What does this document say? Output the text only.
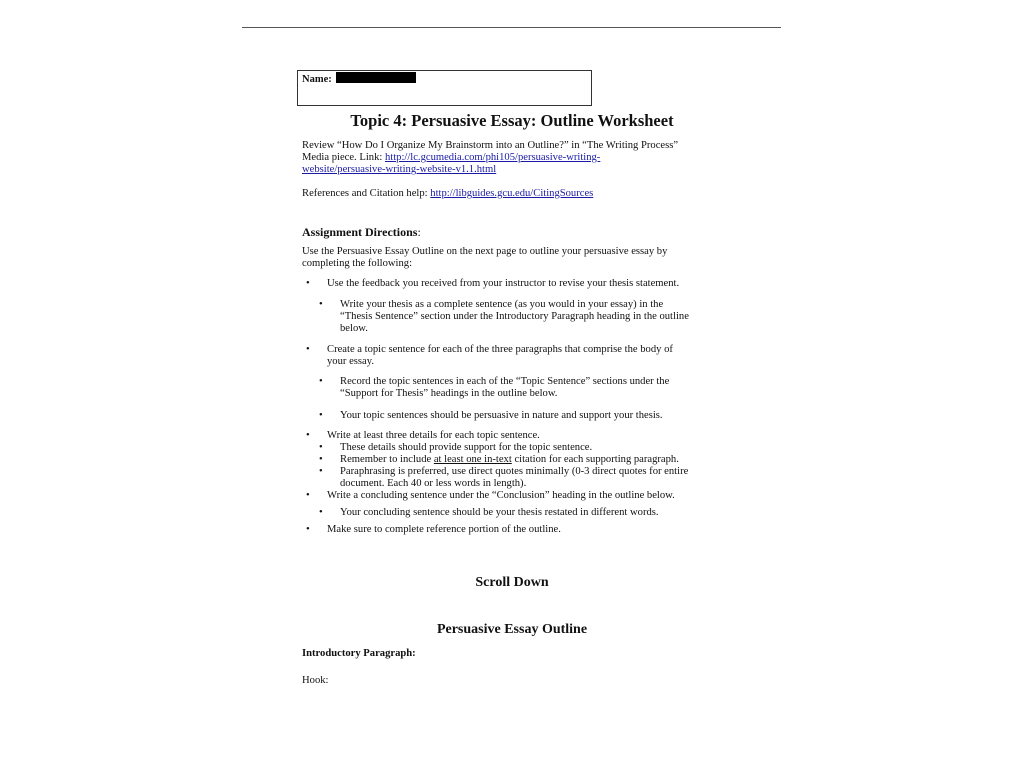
Name:
Topic 4: Persuasive Essay: Outline Worksheet
Review “How Do I Organize My Brainstorm into an Outline?” in “The Writing Process”
Media piece. Link: http://lc.gcumedia.com/phi105/persuasive-writing-
website/persuasive-writing-website-v1.1.html
References and Citation help: http://libguides.gcu.edu/CitingSources
Assignment Directions:
Use the Persuasive Essay Outline on the next page to outline your persuasive essay by
completing the following:
• Use the feedback you received from your instructor to revise your thesis statement.
• Write your thesis as a complete sentence (as you would in your essay) in the
“Thesis Sentence” section under the Introductory Paragraph heading in the outline
below.
• Create a topic sentence for each of the three paragraphs that comprise the body of
your essay.
• Record the topic sentences in each of the “Topic Sentence” sections under the
“Support for Thesis” headings in the outline below.
• Your topic sentences should be persuasive in nature and support your thesis.
• Write at least three details for each topic sentence.
• These details should provide support for the topic sentence.
• Remember to include at least one in-text citation for each supporting paragraph.
• Paraphrasing is preferred, use direct quotes minimally (0-3 direct quotes for entire
document. Each 40 or less words in length).
• Write a concluding sentence under the “Conclusion” heading in the outline below.
• Your concluding sentence should be your thesis restated in different words.
• Make sure to complete reference portion of the outline.
Scroll Down
Persuasive Essay Outline
Introductory Paragraph:
Hook:
